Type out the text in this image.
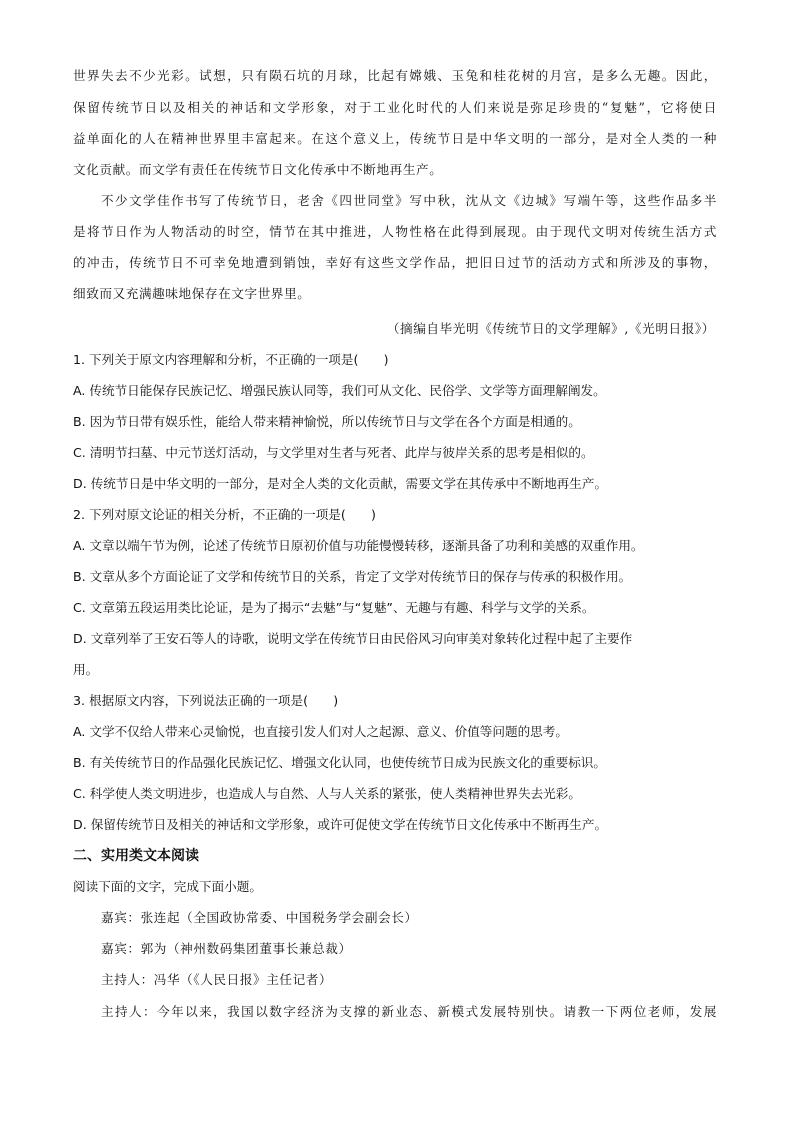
世界失去不少光彩。试想，只有陨石坑的月球，比起有嫦娥、玉兔和桂花树的月宫，是多么无趣。因此，
保留传统节日以及相关的神话和文学形象，对于工业化时代的人们来说是弥足珍贵的“复魅”，它将使日
益单面化的人在精神世界里丰富起来。在这个意义上，传统节日是中华文明的一部分，是对全人类的一种
文化贡献。而文学有责任在传统节日文化传承中不断地再生产。
不少文学佳作书写了传统节日，老舍《四世同堂》写中秋，沈从文《边城》写端午等，这些作品多半
是将节日作为人物活动的时空，情节在其中推进，人物性格在此得到展现。由于现代文明对传统生活方式
的冲击，传统节日不可幸免地遭到销蚀，幸好有这些文学作品，把旧日过节的活动方式和所涉及的事物，
细致而又充满趣味地保存在文字世界里。
（摘编自毕光明《传统节日的文学理解》,《光明日报》）
1. 下列关于原文内容理解和分析，不正确的一项是(　　)
A. 传统节日能保存民族记忆、增强民族认同等，我们可从文化、民俗学、文学等方面理解阐发。
B. 因为节日带有娱乐性，能给人带来精神愉悦，所以传统节日与文学在各个方面是相通的。
C. 清明节扫墓、中元节送灯活动，与文学里对生者与死者、此岸与彼岸关系的思考是相似的。
D. 传统节日是中华文明的一部分，是对全人类的文化贡献，需要文学在其传承中不断地再生产。
2. 下列对原文论证的相关分析，不正确的一项是(　　)
A. 文章以端午节为例，论述了传统节日原初价值与功能慢慢转移，逐渐具备了功利和美感的双重作用。
B. 文章从多个方面论证了文学和传统节日的关系，肯定了文学对传统节日的保存与传承的积极作用。
C. 文章第五段运用类比论证，是为了揭示“去魅”与“复魅”、无趣与有趣、科学与文学的关系。
D. 文章列举了王安石等人的诗歌，说明文学在传统节日由民俗风习向审美对象转化过程中起了主要作
用。
3. 根据原文内容，下列说法正确的一项是(　　)
A. 文学不仅给人带来心灵愉悦，也直接引发人们对人之起源、意义、价值等问题的思考。
B. 有关传统节日的作品强化民族记忆、增强文化认同，也使传统节日成为民族文化的重要标识。
C. 科学使人类文明进步，也造成人与自然、人与人关系的紧张，使人类精神世界失去光彩。
D. 保留传统节日及相关的神话和文学形象，或许可促使文学在传统节日文化传承中不断再生产。
二、实用类文本阅读
阅读下面的文字，完成下面小题。
嘉宾：张连起（全国政协常委、中国税务学会副会长）
嘉宾：郭为（神州数码集团董事长兼总裁）
主持人：冯华（《人民日报》主任记者）
主持人：今年以来，我国以数字经济为支撑的新业态、新模式发展特别快。请教一下两位老师，发展
